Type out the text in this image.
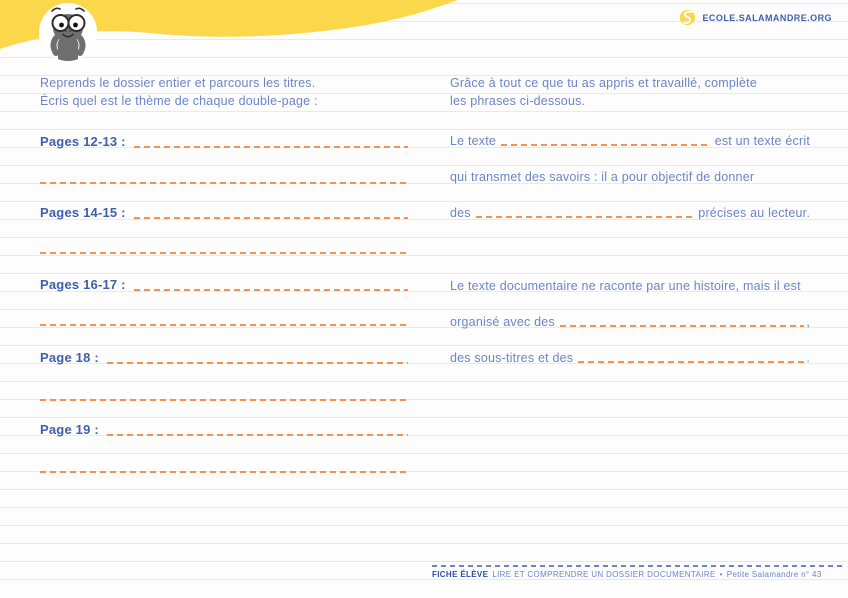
ECOLE.SALAMANDRE.ORG
Reprends le dossier entier et parcours les titres.
Écris quel est le thème de chaque double-page :
Grâce à tout ce que tu as appris et travaillé, complète
les phrases ci-dessous.
Pages 12-13 :
Pages 14-15 :
Pages 16-17 :
Page 18 :
Page 19 :
Le texte	est un texte écrit
qui transmet des savoirs : il a pour objectif de donner
des	précises au lecteur.
Le texte documentaire ne raconte par une histoire, mais il est
organisé avec des	,
des sous-titres et des	.
FICHE ÉLÈVE LIRE ET COMPRENDRE UN DOSSIER DOCUMENTAIRE • Petite Salamandre n° 43
